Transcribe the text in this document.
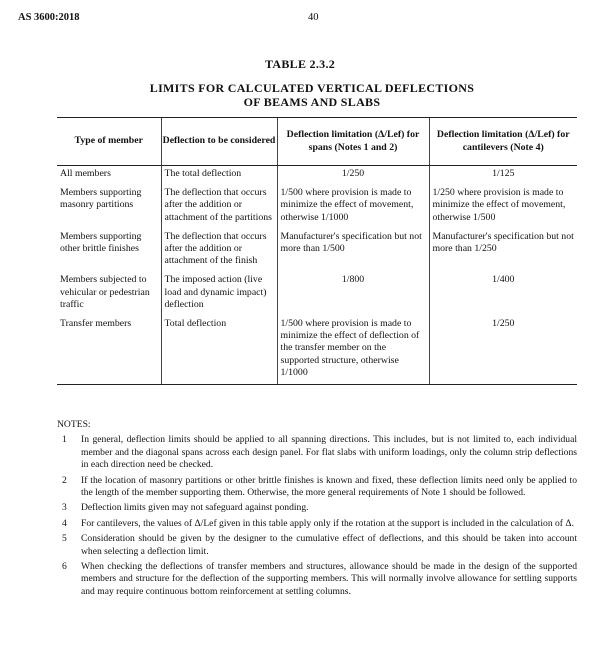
AS 3600:2018	40
TABLE 2.3.2
LIMITS FOR CALCULATED VERTICAL DEFLECTIONS
OF BEAMS AND SLABS
Type of member	Deflection to be considered	Deflection limitation (Δ/Lef) for spans (Notes 1 and 2)	Deflection limitation (Δ/Lef) for cantilevers (Note 4)
All members	The total deflection	1/250	1/125
Members supporting masonry partitions	The deflection that occurs after the addition or attachment of the partitions	1/500 where provision is made to minimize the effect of movement, otherwise 1/1000	1/250 where provision is made to minimize the effect of movement, otherwise 1/500
Members supporting other brittle finishes	The deflection that occurs after the addition or attachment of the finish	Manufacturer's specification but not more than 1/500	Manufacturer's specification but not more than 1/250
Members subjected to vehicular or pedestrian traffic	The imposed action (live load and dynamic impact) deflection	1/800	1/400
Transfer members	Total deflection	1/500 where provision is made to minimize the effect of deflection of the transfer member on the supported structure, otherwise 1/1000	1/250
NOTES:
1 In general, deflection limits should be applied to all spanning directions. This includes, but is not limited to, each individual member and the diagonal spans across each design panel. For flat slabs with uniform loadings, only the column strip deflections in each direction need be checked.
2 If the location of masonry partitions or other brittle finishes is known and fixed, these deflection limits need only be applied to the length of the member supporting them. Otherwise, the more general requirements of Note 1 should be followed.
3 Deflection limits given may not safeguard against ponding.
4 For cantilevers, the values of Δ/Lef given in this table apply only if the rotation at the support is included in the calculation of Δ.
5 Consideration should be given by the designer to the cumulative effect of deflections, and this should be taken into account when selecting a deflection limit.
6 When checking the deflections of transfer members and structures, allowance should be made in the design of the supported members and structure for the deflection of the supporting members. This will normally involve allowance for settling supports and may require continuous bottom reinforcement at settling columns.
